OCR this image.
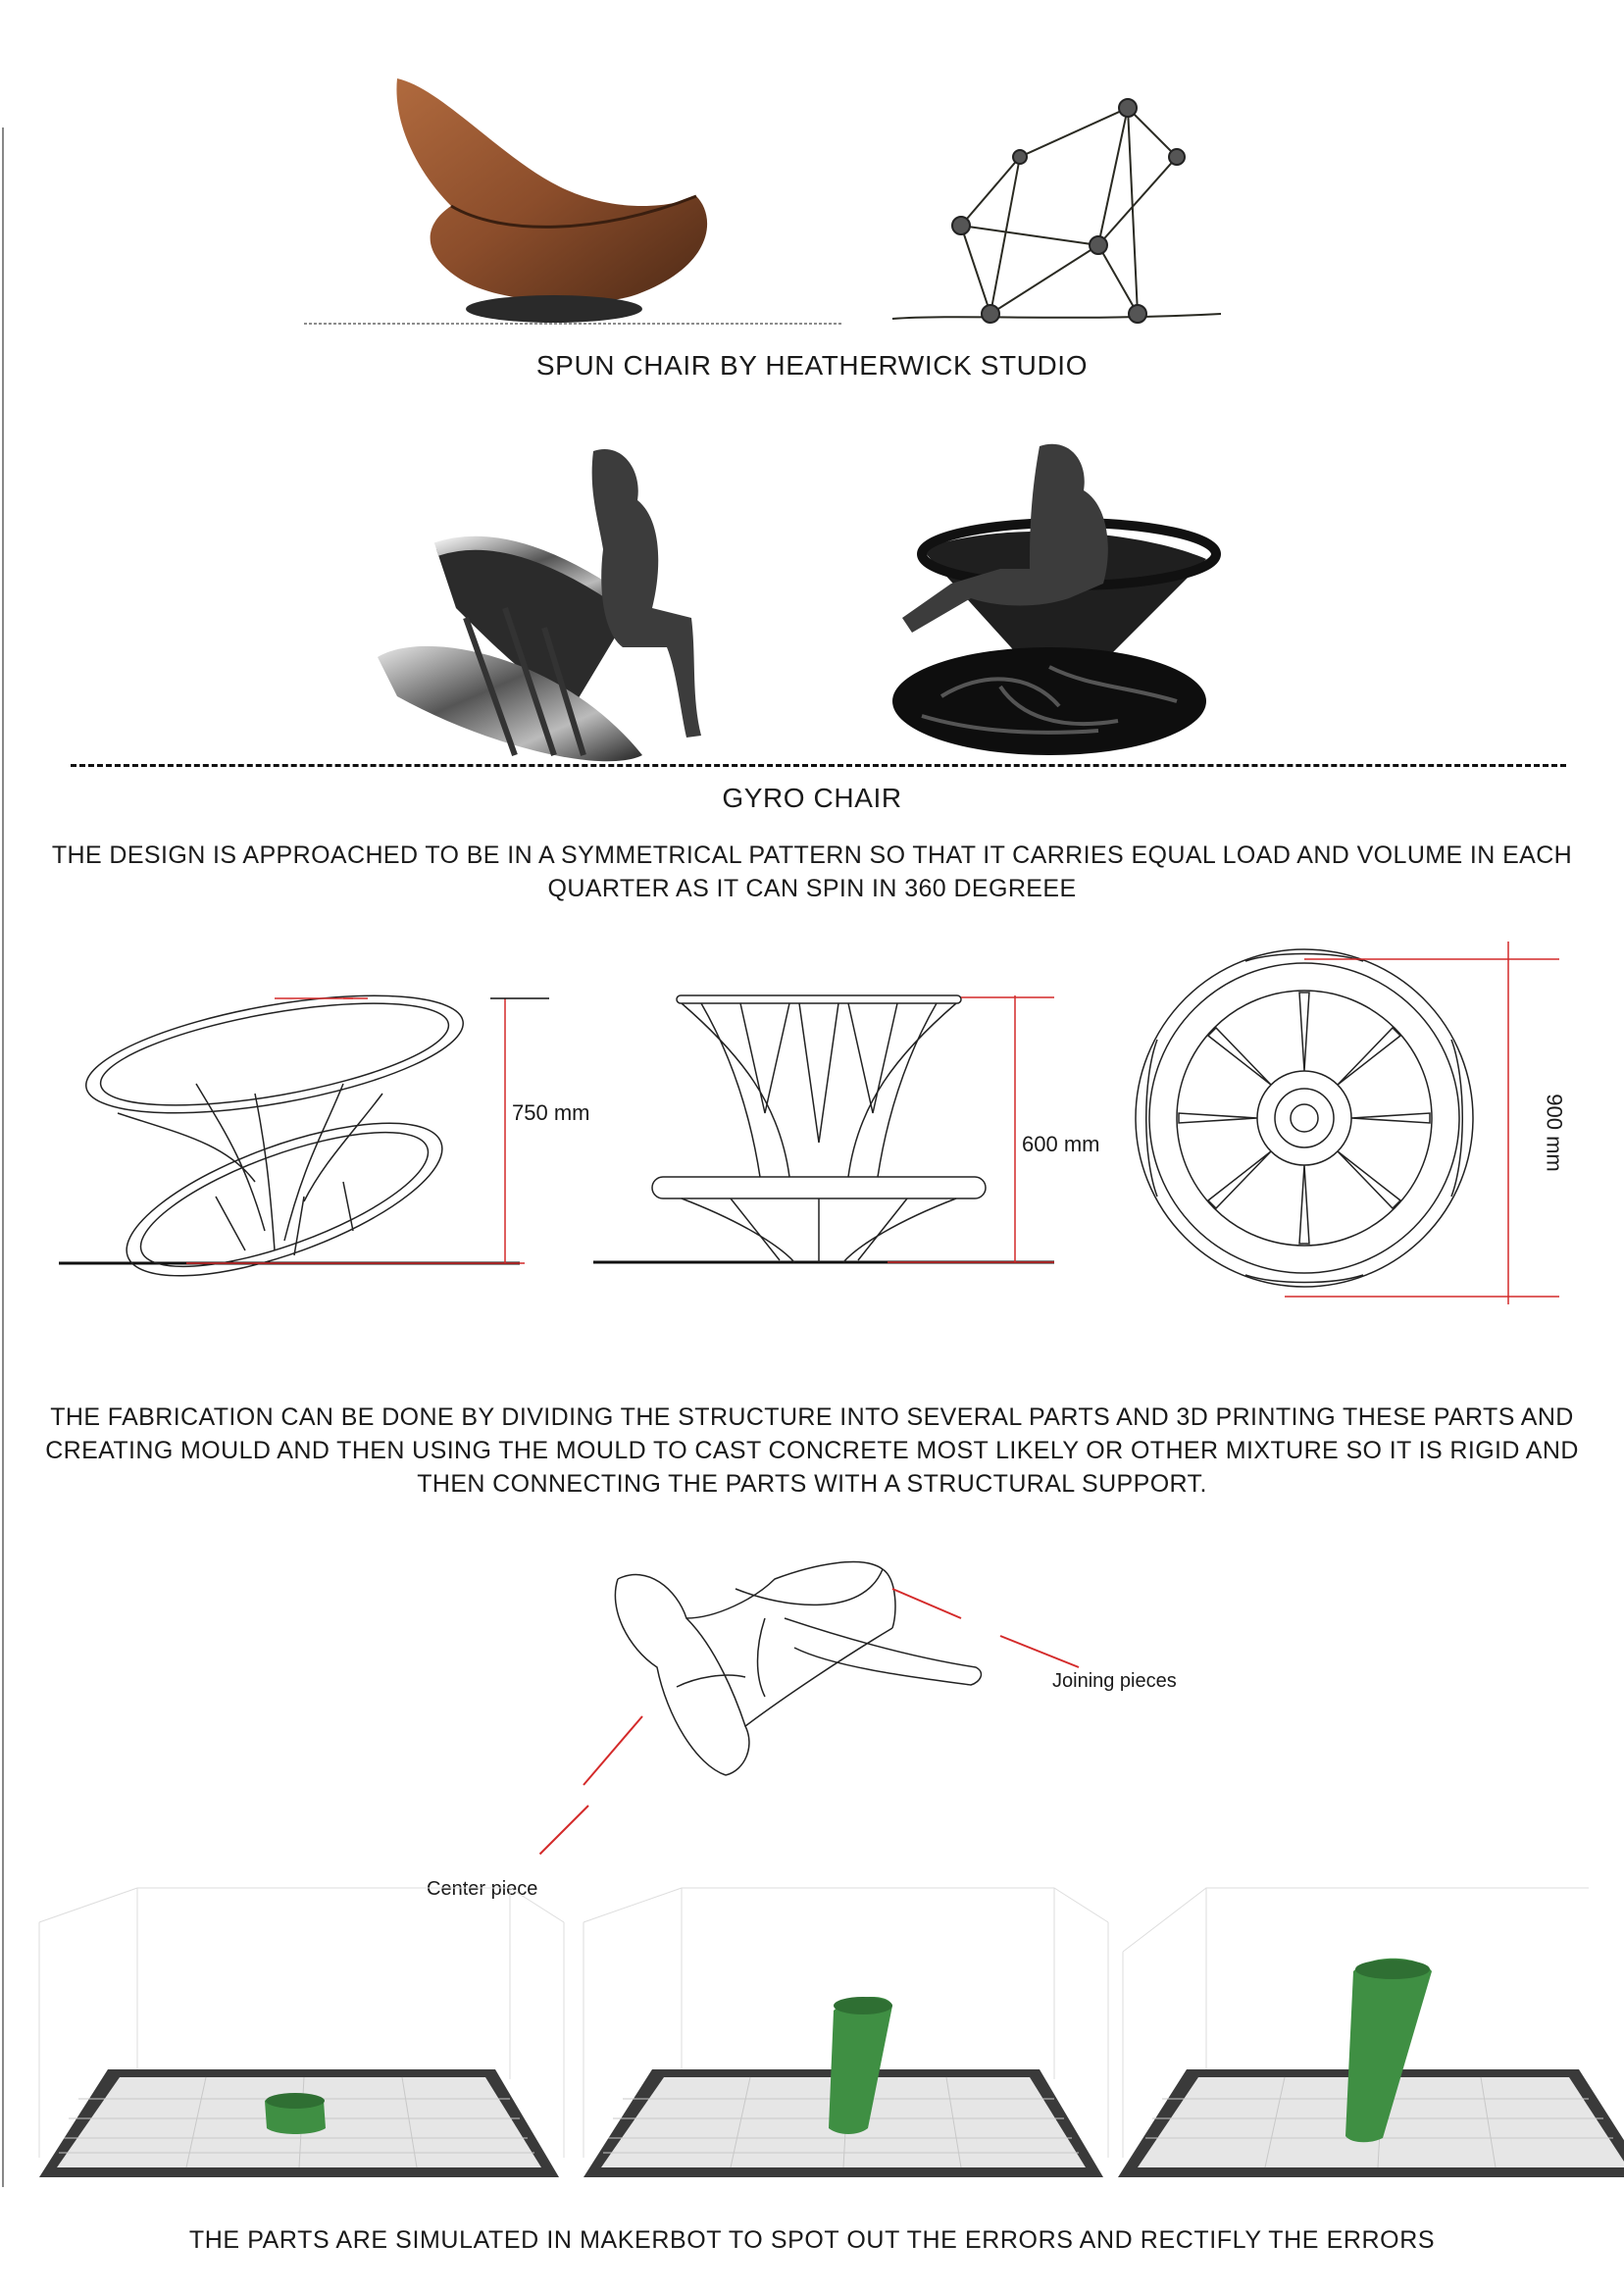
SPUN CHAIR BY HEATHERWICK STUDIO
GYRO CHAIR
THE DESIGN IS APPROACHED TO BE IN A SYMMETRICAL PATTERN SO THAT IT CARRIES EQUAL LOAD AND VOLUME IN EACH QUARTER AS IT CAN SPIN IN 360 DEGREEE
750 mm
600 mm	900 mm
THE FABRICATION CAN BE DONE BY DIVIDING THE STRUCTURE INTO SEVERAL PARTS AND 3D PRINTING THESE PARTS AND CREATING MOULD AND THEN USING THE MOULD TO CAST CONCRETE MOST LIKELY OR OTHER MIXTURE SO IT IS RIGID AND THEN CONNECTING THE PARTS WITH A STRUCTURAL SUPPORT.
Joining pieces
Center piece
THE PARTS ARE SIMULATED IN MAKERBOT TO SPOT OUT THE ERRORS AND RECTIFLY THE ERRORS
